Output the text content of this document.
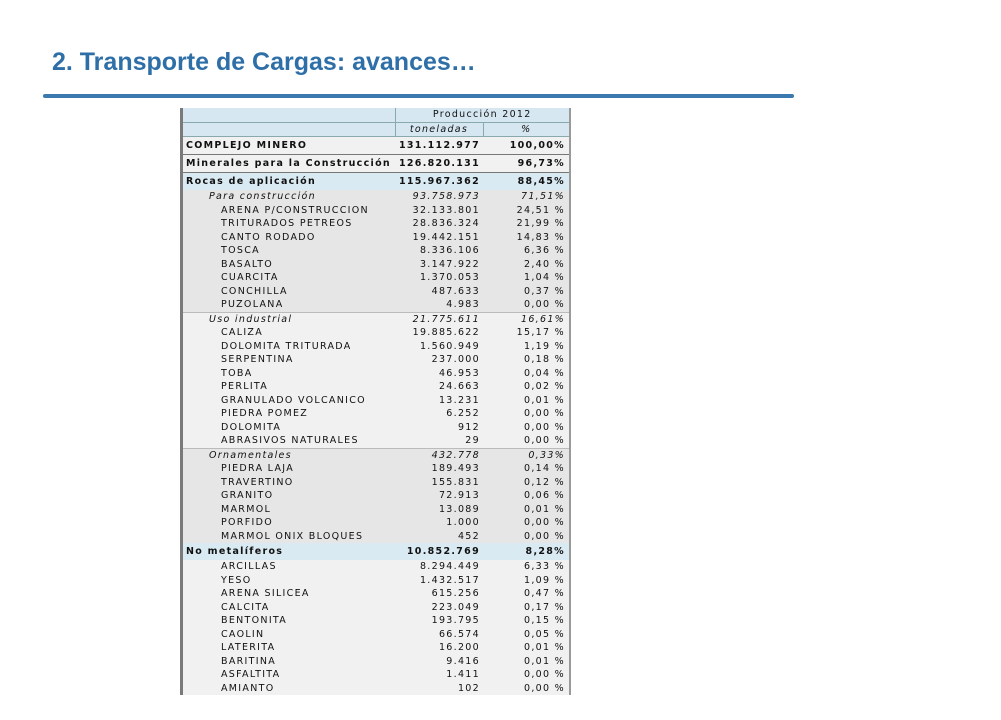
2. Transporte de Cargas: avances…
	Producción 2012	
	toneladas	%
COMPLEJO MINERO	131.112.977	100,00%
Minerales para la Construcción	126.820.131	96,73%
Rocas de aplicación	115.967.362	88,45%
Para construcción	93.758.973	71,51%
ARENA P/CONSTRUCCION	32.133.801	24,51 %
TRITURADOS PETREOS	28.836.324	21,99 %
CANTO RODADO	19.442.151	14,83 %
TOSCA	8.336.106	6,36 %
BASALTO	3.147.922	2,40 %
CUARCITA	1.370.053	1,04 %
CONCHILLA	487.633	0,37 %
PUZOLANA	4.983	0,00 %
Uso industrial	21.775.611	16,61%
CALIZA	19.885.622	15,17 %
DOLOMITA TRITURADA	1.560.949	1,19 %
SERPENTINA	237.000	0,18 %
TOBA	46.953	0,04 %
PERLITA	24.663	0,02 %
GRANULADO VOLCANICO	13.231	0,01 %
PIEDRA POMEZ	6.252	0,00 %
DOLOMITA	912	0,00 %
ABRASIVOS NATURALES	29	0,00 %
Ornamentales	432.778	0,33%
PIEDRA LAJA	189.493	0,14 %
TRAVERTINO	155.831	0,12 %
GRANITO	72.913	0,06 %
MARMOL	13.089	0,01 %
PORFIDO	1.000	0,00 %
MARMOL ONIX BLOQUES	452	0,00 %
No metalíferos	10.852.769	8,28%
ARCILLAS	8.294.449	6,33 %
YESO	1.432.517	1,09 %
ARENA SILICEA	615.256	0,47 %
CALCITA	223.049	0,17 %
BENTONITA	193.795	0,15 %
CAOLIN	66.574	0,05 %
LATERITA	16.200	0,01 %
BARITINA	9.416	0,01 %
ASFALTITA	1.411	0,00 %
AMIANTO	102	0,00 %
